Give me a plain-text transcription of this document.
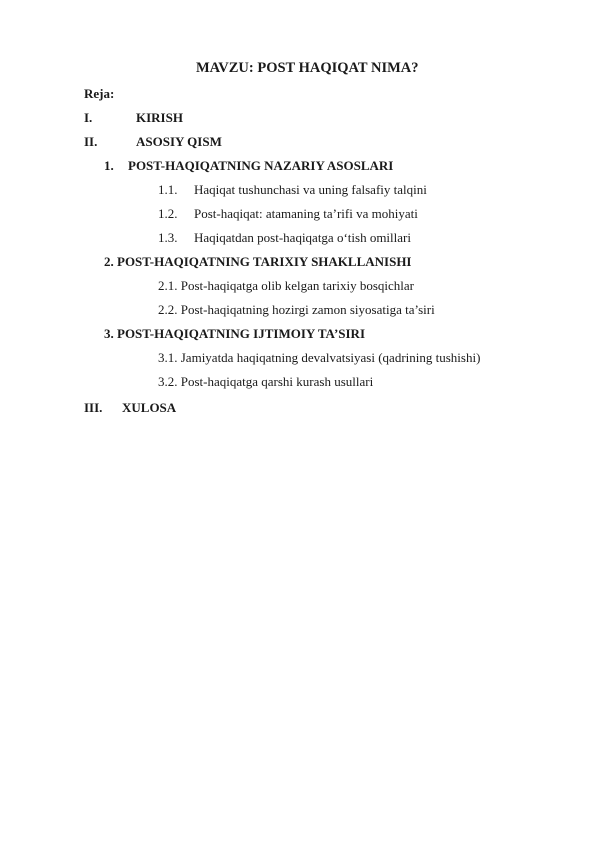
MAVZU: POST HAQIQAT NIMA?
Reja:
I.	KIRISH
II.	ASOSIY QISM
1. POST-HAQIQATNING NAZARIY ASOSLARI
1.1. Haqiqat tushunchasi va uning falsafiy talqini
1.2. Post-haqiqat: atamaning ta’rifi va mohiyati
1.3. Haqiqatdan post-haqiqatga o‘tish omillari
2. POST-HAQIQATNING TARIXIY SHAKLLANISHI
2.1. Post-haqiqatga olib kelgan tarixiy bosqichlar
2.2. Post-haqiqatning hozirgi zamon siyosatiga ta’siri
3. POST-HAQIQATNING IJTIMOIY TA’SIRI
3.1. Jamiyatda haqiqatning devalvatsiyasi (qadrining tushishi)
3.2. Post-haqiqatga qarshi kurash usullari
III. XULOSA
